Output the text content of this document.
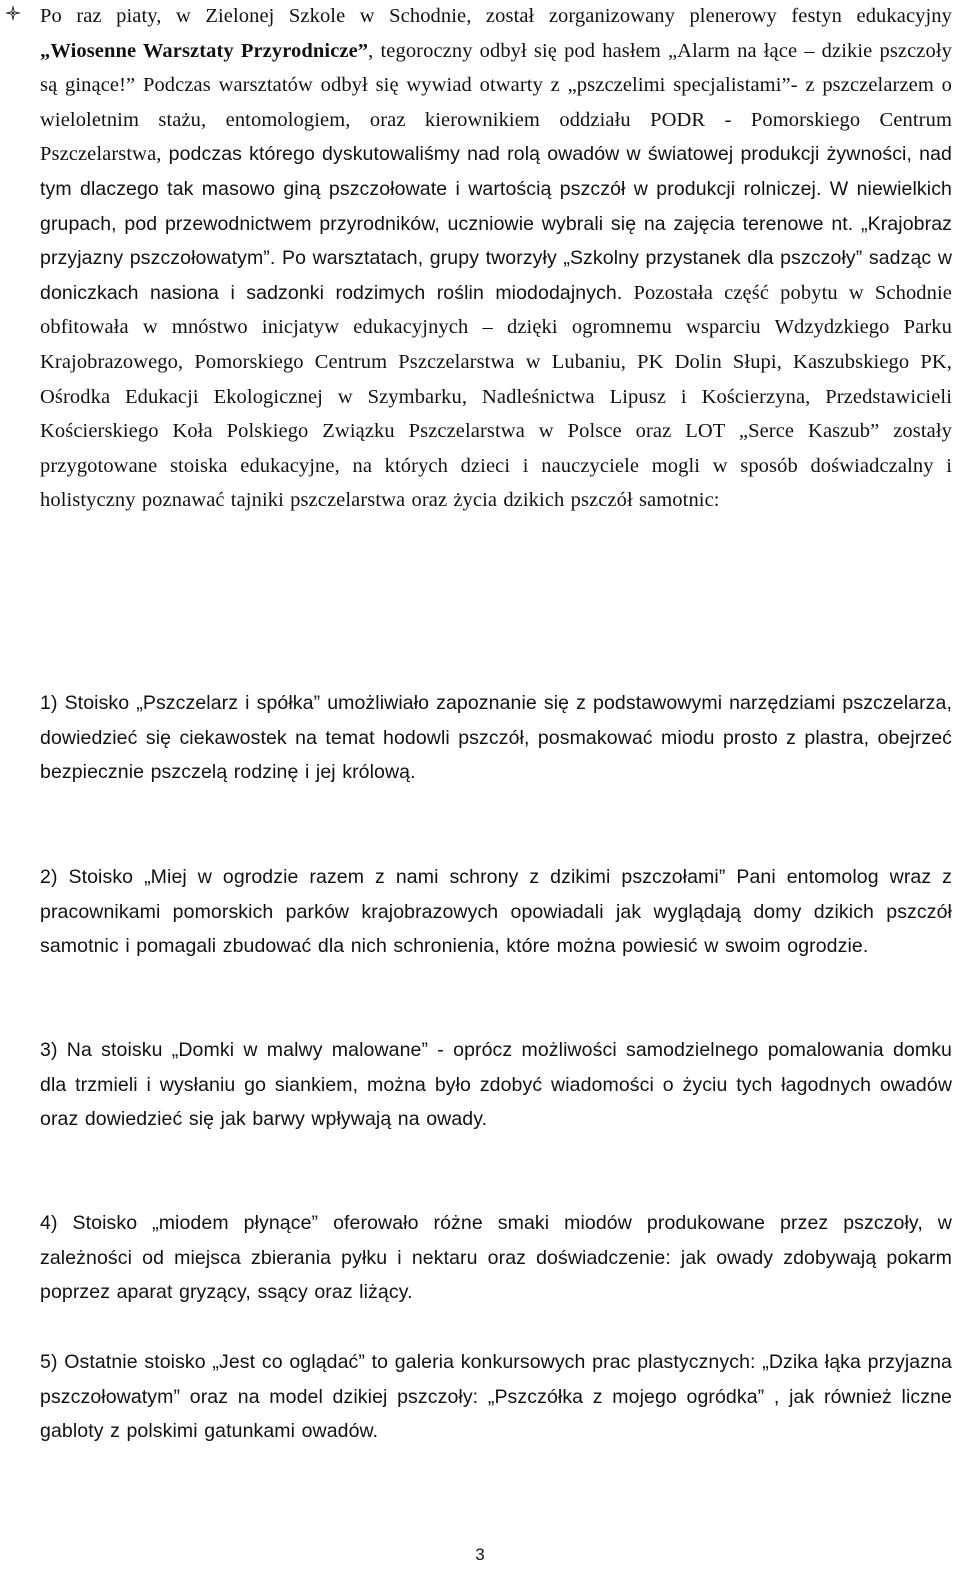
Po raz piaty, w Zielonej Szkole w Schodnie, został zorganizowany plenerowy festyn edukacyjny „Wiosenne Warsztaty Przyrodnicze”, tegoroczny odbył się pod hasłem „Alarm na łące – dzikie pszczoły są ginące!” Podczas warsztatów odbył się wywiad otwarty z „pszczelimi specjalistami”- z pszczelarzem o wieloletnim stażu, entomologiem, oraz kierownikiem oddziału PODR - Pomorskiego Centrum Pszczelarstwa, podczas którego dyskutowaliśmy nad rolą owadów w światowej produkcji żywności, nad tym dlaczego tak masowo giną pszczołowate i wartością pszczół w produkcji rolniczej. W niewielkich grupach, pod przewodnictwem przyrodników, uczniowie wybrali się na zajęcia terenowe nt. „Krajobraz przyjazny pszczołowatym”. Po warsztatach, grupy tworzyły „Szkolny przystanek dla pszczoły” sadząc w doniczkach nasiona i sadzonki rodzimych roślin miododajnych. Pozostała część pobytu w Schodnie obfitowała w mnóstwo inicjatyw edukacyjnych – dzięki ogromnemu wsparciu Wdzydzkiego Parku Krajobrazowego, Pomorskiego Centrum Pszczelarstwa w Lubaniu, PK Dolin Słupi, Kaszubskiego PK, Ośrodka Edukacji Ekologicznej w Szymbarku, Nadleśnictwa Lipusz i Kościerzyna, Przedstawicieli Kościerskiego Koła Polskiego Związku Pszczelarstwa w Polsce oraz LOT „Serce Kaszub” zostały przygotowane stoiska edukacyjne, na których dzieci i nauczyciele mogli w sposób doświadczalny i holistyczny poznawać tajniki pszczelarstwa oraz życia dzikich pszczół samotnic:

1) Stoisko „Pszczelarz i spółka” umożliwiało zapoznanie się z podstawowymi narzędziami pszczelarza, dowiedzieć się ciekawostek na temat hodowli pszczół, posmakować miodu prosto z plastra, obejrzeć bezpiecznie pszczelą rodzinę i jej królową.

2) Stoisko „Miej w ogrodzie razem z nami schrony z dzikimi pszczołami” Pani entomolog wraz z pracownikami pomorskich parków krajobrazowych opowiadali jak wyglądają domy dzikich pszczół samotnic i pomagali zbudować dla nich schronienia, które można powiesić w swoim ogrodzie.

3) Na stoisku „Domki w malwy malowane” - oprócz możliwości samodzielnego pomalowania domku dla trzmieli i wysłaniu go siankiem, można było zdobyć wiadomości o życiu tych łagodnych owadów oraz dowiedzieć się jak barwy wpływają na owady.

4) Stoisko „miodem płynące” oferowało różne smaki miodów produkowane przez pszczoły, w zależności od miejsca zbierania pyłku i nektaru oraz doświadczenie: jak owady zdobywają pokarm poprzez aparat gryzący, ssący oraz liżący.

5) Ostatnie stoisko „Jest co oglądać” to galeria konkursowych prac plastycznych: „Dzika łąka przyjazna pszczołowatym” oraz na model dzikiej pszczoły: „Pszczółka z mojego ogródka” , jak również liczne gabloty z polskimi gatunkami owadów.

3
